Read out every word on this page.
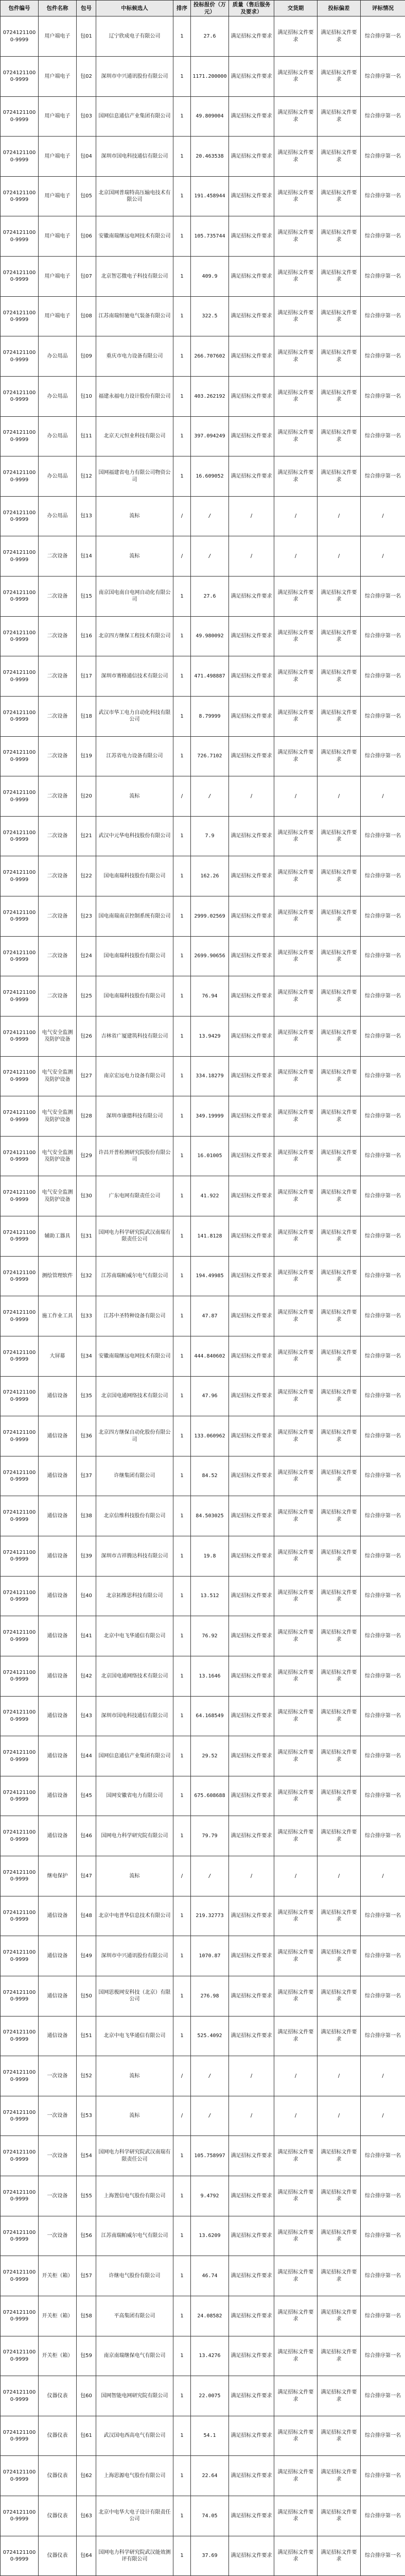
包件编号	包件名称	包号	中标候选人	排序	投标报价（万元）	质量（售后服务及要求）	交货期	投标偏差	评标情况
07241211000-9999	用户端电子	包01	辽宁欣成电子有限公司	1	27.6	满足招标文件要求	满足招标文件要求	满足招标文件要求	综合排序第一名
07241211000-9999	用户端电子	包02	深圳市中兴通讯股份有限公司	1	1171.200000	满足招标文件要求	满足招标文件要求	满足招标文件要求	综合排序第一名
07241211000-9999	用户端电子	包03	国网信息通信产业集团有限公司	1	49.809004	满足招标文件要求	满足招标文件要求	满足招标文件要求	综合排序第一名
07241211000-9999	用户端电子	包04	深圳市国电科技通信有限公司	1	20.463538	满足招标文件要求	满足招标文件要求	满足招标文件要求	综合排序第一名
07241211000-9999	用户端电子	包05	北京国网普瑞特高压输电技术有限公司	1	191.458944	满足招标文件要求	满足招标文件要求	满足招标文件要求	综合排序第一名
07241211000-9999	用户端电子	包06	安徽南瑞继远电网技术有限公司	1	105.735744	满足招标文件要求	满足招标文件要求	满足招标文件要求	综合排序第一名
07241211000-9999	用户端电子	包07	北京智芯微电子科技有限公司	1	409.9	满足招标文件要求	满足招标文件要求	满足招标文件要求	综合排序第一名
07241211000-9999	用户端电子	包08	江苏南瑞恒驰电气装备有限公司	1	322.5	满足招标文件要求	满足招标文件要求	满足招标文件要求	综合排序第一名
07241211000-9999	办公用品	包09	重庆市电力设备有限公司	1	266.707602	满足招标文件要求	满足招标文件要求	满足招标文件要求	综合排序第一名
07241211000-9999	办公用品	包10	福建永福电力设计股份有限公司	1	403.262192	满足招标文件要求	满足招标文件要求	满足招标文件要求	综合排序第一名
07241211000-9999	办公用品	包11	北京天元恒业科技有限公司	1	397.094249	满足招标文件要求	满足招标文件要求	满足招标文件要求	综合排序第一名
07241211000-9999	办公用品	包12	国网福建省电力有限公司物资公司	1	16.609052	满足招标文件要求	满足招标文件要求	满足招标文件要求	综合排序第一名
07241211000-9999	办公用品	包13	流标	/	/	/	/	/	/
07241211000-9999	二次设备	包14	流标	/	/	/	/	/	/
07241211000-9999	二次设备	包15	南京国电南自电网自动化有限公司	1	27.6	满足招标文件要求	满足招标文件要求	满足招标文件要求	综合排序第一名
07241211000-9999	二次设备	包16	北京四方继保工程技术有限公司	1	49.980092	满足招标文件要求	满足招标文件要求	满足招标文件要求	综合排序第一名
07241211000-9999	二次设备	包17	深圳市赛格通信技术有限公司	1	471.498887	满足招标文件要求	满足招标文件要求	满足招标文件要求	综合排序第一名
07241211000-9999	二次设备	包18	武汉市华工电力自动化科技有限公司	1	8.79999	满足招标文件要求	满足招标文件要求	满足招标文件要求	综合排序第一名
07241211000-9999	二次设备	包19	江苏省电力设备有限公司	1	726.7102	满足招标文件要求	满足招标文件要求	满足招标文件要求	综合排序第一名
07241211000-9999	二次设备	包20	流标	/	/	/	/	/	/
07241211000-9999	二次设备	包21	武汉中元华电科技股份有限公司	1	7.9	满足招标文件要求	满足招标文件要求	满足招标文件要求	综合排序第一名
07241211000-9999	二次设备	包22	国电南瑞科技股份有限公司	1	162.26	满足招标文件要求	满足招标文件要求	满足招标文件要求	综合排序第一名
07241211000-9999	二次设备	包23	国电南瑞南京控制系统有限公司	1	2999.02569	满足招标文件要求	满足招标文件要求	满足招标文件要求	综合排序第一名
07241211000-9999	二次设备	包24	国电南瑞科技股份有限公司	1	2699.90656	满足招标文件要求	满足招标文件要求	满足招标文件要求	综合排序第一名
07241211000-9999	二次设备	包25	国电南瑞科技股份有限公司	1	76.94	满足招标文件要求	满足招标文件要求	满足招标文件要求	综合排序第一名
07241211000-9999	电气安全监测及防护设备	包26	吉林省广厦建筑科技有限公司	1	13.9429	满足招标文件要求	满足招标文件要求	满足招标文件要求	综合排序第一名
07241211000-9999	电气安全监测及防护设备	包27	南京宏远电力设备有限公司	1	334.18279	满足招标文件要求	满足招标文件要求	满足招标文件要求	综合排序第一名
07241211000-9999	电气安全监测及防护设备	包28	深圳市康德科技有限公司	1	349.19999	满足招标文件要求	满足招标文件要求	满足招标文件要求	综合排序第一名
07241211000-9999	电气安全监测及防护设备	包29	许昌开普检测研究院股份有限公司	1	16.01005	满足招标文件要求	满足招标文件要求	满足招标文件要求	综合排序第一名
07241211000-9999	电气安全监测及防护设备	包30	广东电网有限责任公司	1	41.922	满足招标文件要求	满足招标文件要求	满足招标文件要求	综合排序第一名
07241211000-9999	辅助工器具	包31	国网电力科学研究院武汉南瑞有限责任公司	1	141.8128	满足招标文件要求	满足招标文件要求	满足招标文件要求	综合排序第一名
07241211000-9999	测绘管理软件	包32	江苏南瑞帕威尔电气有限公司	1	194.49985	满足招标文件要求	满足招标文件要求	满足招标文件要求	综合排序第一名
07241211000-9999	施工作业工具	包33	江苏中圣特种设备有限公司	1	47.87	满足招标文件要求	满足招标文件要求	满足招标文件要求	综合排序第一名
07241211000-9999	大屏幕	包34	安徽南瑞继远电网技术有限公司	1	444.840602	满足招标文件要求	满足招标文件要求	满足招标文件要求	综合排序第一名
07241211000-9999	通信设备	包35	北京国电通网络技术有限公司	1	47.96	满足招标文件要求	满足招标文件要求	满足招标文件要求	综合排序第一名
07241211000-9999	通信设备	包36	北京四方继保自动化股份有限公司	1	133.060962	满足招标文件要求	满足招标文件要求	满足招标文件要求	综合排序第一名
07241211000-9999	通信设备	包37	许继集团有限公司	1	84.52	满足招标文件要求	满足招标文件要求	满足招标文件要求	综合排序第一名
07241211000-9999	通信设备	包38	北京信维科技股份有限公司	1	84.503025	满足招标文件要求	满足招标文件要求	满足招标文件要求	综合排序第一名
07241211000-9999	通信设备	包39	深圳市吉祥腾达科技有限公司	1	19.8	满足招标文件要求	满足招标文件要求	满足招标文件要求	综合排序第一名
07241211000-9999	通信设备	包40	北京拓维思科技有限公司	1	13.512	满足招标文件要求	满足招标文件要求	满足招标文件要求	综合排序第一名
07241211000-9999	通信设备	包41	北京中电飞华通信有限公司	1	76.92	满足招标文件要求	满足招标文件要求	满足招标文件要求	综合排序第一名
07241211000-9999	通信设备	包42	北京国电通网络技术有限公司	1	13.1646	满足招标文件要求	满足招标文件要求	满足招标文件要求	综合排序第一名
07241211000-9999	通信设备	包43	深圳市国电科技通信有限公司	1	64.168549	满足招标文件要求	满足招标文件要求	满足招标文件要求	综合排序第一名
07241211000-9999	通信设备	包44	国网信息通信产业集团有限公司	1	29.52	满足招标文件要求	满足招标文件要求	满足招标文件要求	综合排序第一名
07241211000-9999	通信设备	包45	国网安徽省电力有限公司	1	675.608688	满足招标文件要求	满足招标文件要求	满足招标文件要求	综合排序第一名
07241211000-9999	通信设备	包46	国网电力科学研究院有限公司	1	79.79	满足招标文件要求	满足招标文件要求	满足招标文件要求	综合排序第一名
07241211000-9999	继电保护	包47	流标	/	/	/	/	/	/
07241211000-9999	通信设备	包48	北京中电普华信息技术有限公司	1	219.32773	满足招标文件要求	满足招标文件要求	满足招标文件要求	综合排序第一名
07241211000-9999	通信设备	包49	深圳市中兴通讯股份有限公司	1	1070.87	满足招标文件要求	满足招标文件要求	满足招标文件要求	综合排序第一名
07241211000-9999	通信设备	包50	国网思极网安科技（北京）有限公司	1	276.98	满足招标文件要求	满足招标文件要求	满足招标文件要求	综合排序第一名
07241211000-9999	通信设备	包51	北京中电飞华通信有限公司	1	525.4092	满足招标文件要求	满足招标文件要求	满足招标文件要求	综合排序第一名
07241211000-9999	一次设备	包52	流标	/	/	/	/	/	/
07241211000-9999	一次设备	包53	流标	/	/	/	/	/	/
07241211000-9999	一次设备	包54	国网电力科学研究院武汉南瑞有限责任公司	1	105.758997	满足招标文件要求	满足招标文件要求	满足招标文件要求	综合排序第一名
07241211000-9999	一次设备	包55	上海置信电气股份有限公司	1	9.4792	满足招标文件要求	满足招标文件要求	满足招标文件要求	综合排序第一名
07241211000-9999	一次设备	包56	江苏南瑞帕威尔电气有限公司	1	13.6209	满足招标文件要求	满足招标文件要求	满足招标文件要求	综合排序第一名
07241211000-9999	开关柜（箱）	包57	许继电气股份有限公司	1	46.74	满足招标文件要求	满足招标文件要求	满足招标文件要求	综合排序第一名
07241211000-9999	开关柜（箱）	包58	平高集团有限公司	1	24.08582	满足招标文件要求	满足招标文件要求	满足招标文件要求	综合排序第一名
07241211000-9999	开关柜（箱）	包59	南京南瑞继保电气有限公司	1	13.4276	满足招标文件要求	满足招标文件要求	满足招标文件要求	综合排序第一名
07241211000-9999	仪器仪表	包60	国网智能电网研究院有限公司	1	22.0075	满足招标文件要求	满足招标文件要求	满足招标文件要求	综合排序第一名
07241211000-9999	仪器仪表	包61	武汉国电西高电气有限公司	1	54.1	满足招标文件要求	满足招标文件要求	满足招标文件要求	综合排序第一名
07241211000-9999	仪器仪表	包62	上海思源电气股份有限公司	1	22.64	满足招标文件要求	满足招标文件要求	满足招标文件要求	综合排序第一名
07241211000-9999	仪器仪表	包63	北京中电华大电子设计有限责任公司	1	74.05	满足招标文件要求	满足招标文件要求	满足招标文件要求	综合排序第一名
07241211000-9999	仪器仪表	包64	国网电力科学研究院武汉能效测评有限公司	1	37.69	满足招标文件要求	满足招标文件要求	满足招标文件要求	综合排序第一名
